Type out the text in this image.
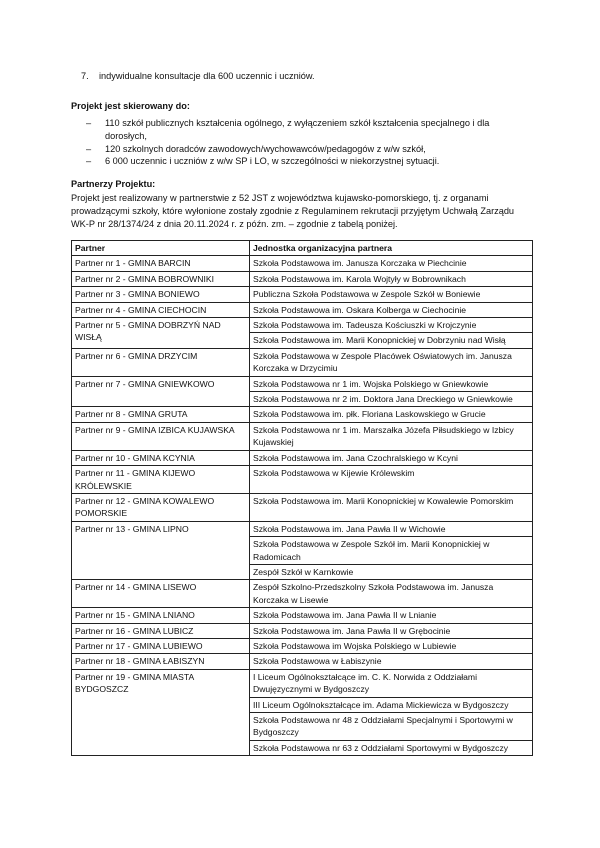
7. indywidualne konsultacje dla 600 uczennic i uczniów.
Projekt jest skierowany do:
– 110 szkół publicznych kształcenia ogólnego, z wyłączeniem szkół kształcenia specjalnego i dla dorosłych,
– 120 szkolnych doradców zawodowych/wychowawców/pedagogów z w/w szkół,
– 6 000 uczennic i uczniów z w/w SP i LO, w szczególności w niekorzystnej sytuacji.
Partnerzy Projektu:
Projekt jest realizowany w partnerstwie z 52 JST z województwa kujawsko-pomorskiego, tj. z organami prowadzącymi szkoły, które wyłonione zostały zgodnie z Regulaminem rekrutacji przyjętym Uchwałą Zarządu WK-P nr 28/1374/24 z dnia 20.11.2024 r. z późn. zm. – zgodnie z tabelą poniżej.
Partner	Jednostka organizacyjna partnera
Partner nr 1 - GMINA BARCIN	Szkoła Podstawowa im. Janusza Korczaka w Piechcinie
Partner nr 2 - GMINA BOBROWNIKI	Szkoła Podstawowa im. Karola Wojtyły w Bobrownikach
Partner nr 3 - GMINA BONIEWO	Publiczna Szkoła Podstawowa w Zespole Szkół w Boniewie
Partner nr 4 - GMINA CIECHOCIN	Szkoła Podstawowa im. Oskara Kolberga w Ciechocinie
Partner nr 5 - GMINA DOBRZYŃ NAD WISŁĄ	Szkoła Podstawowa im. Tadeusza Kościuszki w Krojczynie
	Szkoła Podstawowa im. Marii Konopnickiej w Dobrzyniu nad Wisłą
Partner nr 6 - GMINA DRZYCIM	Szkoła Podstawowa w Zespole Placówek Oświatowych im. Janusza Korczaka w Drzycimiu
Partner nr 7 - GMINA GNIEWKOWO	Szkoła Podstawowa nr 1 im. Wojska Polskiego w Gniewkowie
	Szkoła Podstawowa nr 2 im. Doktora Jana Dreckiego w Gniewkowie
Partner nr 8 - GMINA GRUTA	Szkoła Podstawowa im. płk. Floriana Laskowskiego w Grucie
Partner nr 9 - GMINA IZBICA KUJAWSKA	Szkoła Podstawowa nr 1 im. Marszałka Józefa Piłsudskiego w Izbicy Kujawskiej
Partner nr 10 - GMINA KCYNIA	Szkoła Podstawowa im. Jana Czochralskiego w Kcyni
Partner nr 11 - GMINA KIJEWO KRÓLEWSKIE	Szkoła Podstawowa w Kijewie Królewskim
Partner nr 12 - GMINA KOWALEWO POMORSKIE	Szkoła Podstawowa im. Marii Konopnickiej w Kowalewie Pomorskim
Partner nr 13 - GMINA LIPNO	Szkoła Podstawowa im. Jana Pawła II w Wichowie
	Szkoła Podstawowa w Zespole Szkół im. Marii Konopnickiej w Radomicach
	Zespół Szkół w Karnkowie
Partner nr 14 - GMINA LISEWO	Zespół Szkolno-Przedszkolny Szkoła Podstawowa im. Janusza Korczaka w Lisewie
Partner nr 15 - GMINA LNIANO	Szkoła Podstawowa im. Jana Pawła II w Lnianie
Partner nr 16 - GMINA LUBICZ	Szkoła Podstawowa im. Jana Pawła II w Grębocinie
Partner nr 17 - GMINA LUBIEWO	Szkoła Podstawowa im Wojska Polskiego w Lubiewie
Partner nr 18 - GMINA ŁABISZYN	Szkoła Podstawowa w Łabiszynie
Partner nr 19 - GMINA MIASTA BYDGOSZCZ	I Liceum Ogólnokształcące im. C. K. Norwida z Oddziałami Dwujęzycznymi w Bydgoszczy
	III Liceum Ogólnokształcące im. Adama Mickiewicza w Bydgoszczy
	Szkoła Podstawowa nr 48 z Oddziałami Specjalnymi i Sportowymi w Bydgoszczy
	Szkoła Podstawowa nr 63 z Oddziałami Sportowymi w Bydgoszczy
